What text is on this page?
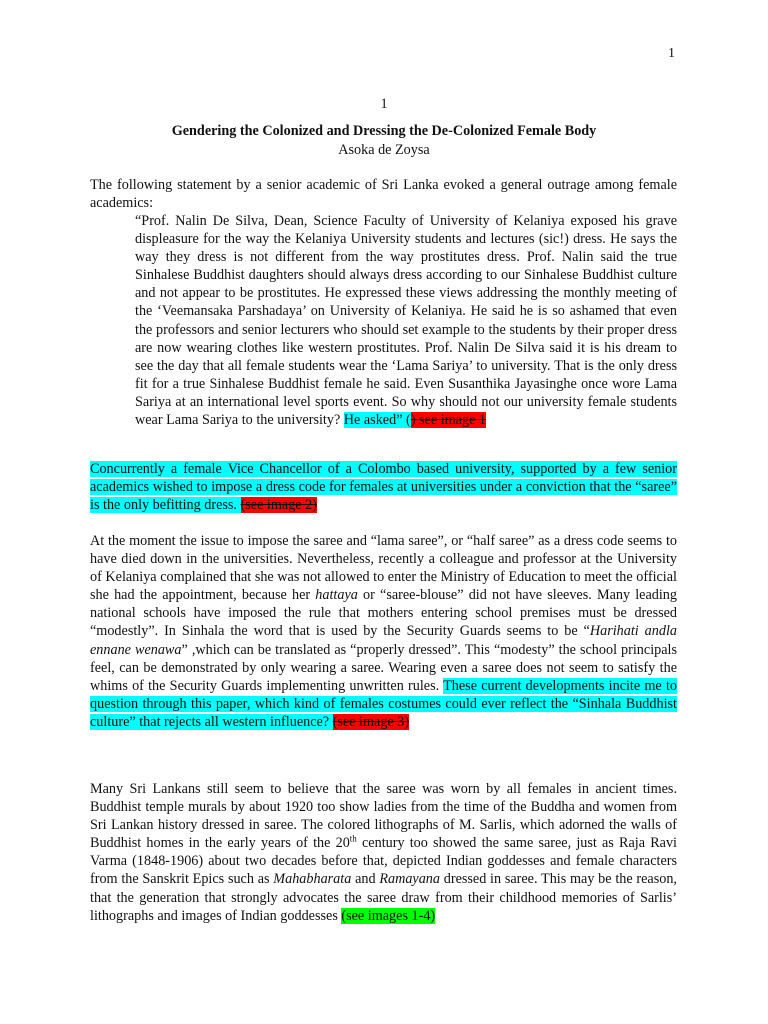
1
1
Gendering the Colonized and Dressing the De-Colonized Female Body
Asoka de Zoysa
The following statement by a senior academic of Sri Lanka evoked a general outrage among female academics:
“Prof. Nalin De Silva, Dean, Science Faculty of University of Kelaniya exposed his grave displeasure for the way the Kelaniya University students and lectures (sic!) dress. He says the way they dress is not different from the way prostitutes dress. Prof. Nalin said the true Sinhalese Buddhist daughters should always dress according to our Sinhalese Buddhist culture and not appear to be prostitutes. He expressed these views addressing the monthly meeting of the ‘Veemansaka Parshadaya’ on University of Kelaniya. He said he is so ashamed that even the professors and senior lecturers who should set example to the students by their proper dress are now wearing clothes like western prostitutes. Prof. Nalin De Silva said it is his dream to see the day that all female students wear the ‘Lama Sariya’ to university. That is the only dress fit for a true Sinhalese Buddhist female he said. Even Susanthika Jayasinghe once wore Lama Sariya at an international level sports event. So why should not our university female students wear Lama Sariya to the university? He asked” () see image 1
Concurrently a female Vice Chancellor of a Colombo based university, supported by a few senior academics wished to impose a dress code for females at universities under a conviction that the “saree” is the only befitting dress. (see image 2)
At the moment the issue to impose the saree and “lama saree”, or “half saree” as a dress code seems to have died down in the universities. Nevertheless, recently a colleague and professor at the University of Kelaniya complained that she was not allowed to enter the Ministry of Education to meet the official she had the appointment, because her hattaya or “saree-blouse” did not have sleeves. Many leading national schools have imposed the rule that mothers entering school premises must be dressed “modestly”. In Sinhala the word that is used by the Security Guards seems to be “Harihati andla ennane wenawa” ,which can be translated as “properly dressed”. This “modesty” the school principals feel, can be demonstrated by only wearing a saree. Wearing even a saree does not seem to satisfy the whims of the Security Guards implementing unwritten rules. These current developments incite me to question through this paper, which kind of females costumes could ever reflect the “Sinhala Buddhist culture” that rejects all western influence? (see image 3)
Many Sri Lankans still seem to believe that the saree was worn by all females in ancient times. Buddhist temple murals by about 1920 too show ladies from the time of the Buddha and women from Sri Lankan history dressed in saree. The colored lithographs of M. Sarlis, which adorned the walls of Buddhist homes in the early years of the 20th century too showed the same saree, just as Raja Ravi Varma (1848-1906) about two decades before that, depicted Indian goddesses and female characters from the Sanskrit Epics such as Mahabharata and Ramayana dressed in saree. This may be the reason, that the generation that strongly advocates the saree draw from their childhood memories of Sarlis’ lithographs and images of Indian goddesses (see images 1-4)
